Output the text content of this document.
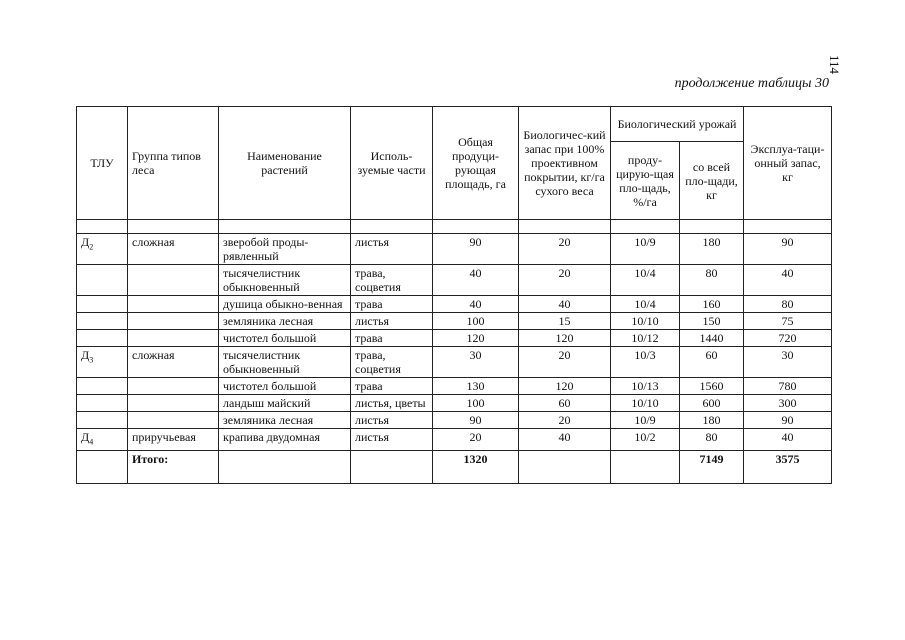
114
продолжение таблицы 30
ТЛУ	Группа типов леса	Наименование растений	Исполь-зуемые части	Общая продуци-рующая площадь, га	Биологичес-кий запас при 100% проективном покрытии, кг/га сухого веса	Биологический урожай		Эксплуа-таци-онный запас, кг
						проду-цирую-щая пло-щадь, %/га	со всей пло-щади, кг	

$Д_2$	сложная	зверобой проды-рявленный	листья	90	20	10/9	180	90
		тысячелистник обыкновенный	трава, соцветия	40	20	10/4	80	40
		душица обыкно-венная	трава	40	40	10/4	160	80
		земляника лесная	листья	100	15	10/10	150	75
		чистотел большой	трава	120	120	10/12	1440	720
$Д_3$	сложная	тысячелистник обыкновенный	трава, соцветия	30	20	10/3	60	30
		чистотел большой	трава	130	120	10/13	1560	780
		ландыш майский	листья, цветы	100	60	10/10	600	300
		земляника лесная	листья	90	20	10/9	180	90
$Д_4$	приручьевая	крапива двудомная	листья	20	40	10/2	80	40
	Итого:			1320			7149	3575
